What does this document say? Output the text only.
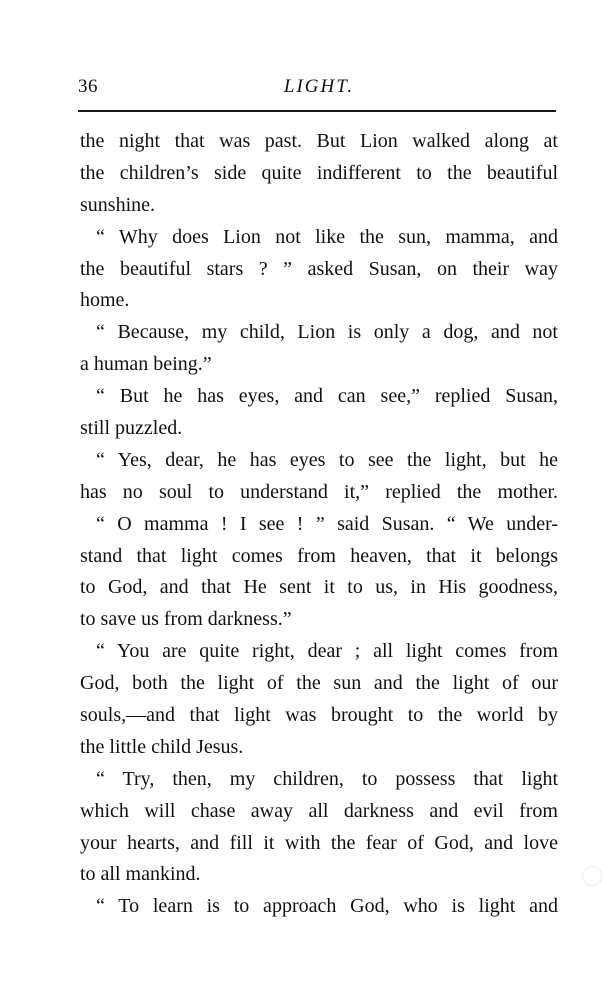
36	LIGHT.
the night that was past. But Lion walked along at
the children’s side quite indifferent to the beautiful
sunshine.
“ Why does Lion not like the sun, mamma, and
the beautiful stars ? ” asked Susan, on their way
home.
“ Because, my child, Lion is only a dog, and not
a human being.”
“ But he has eyes, and can see,” replied Susan,
still puzzled.
“ Yes, dear, he has eyes to see the light, but he
has no soul to understand it,” replied the mother.
“ O mamma ! I see ! ” said Susan. “ We under-
stand that light comes from heaven, that it belongs
to God, and that He sent it to us, in His goodness,
to save us from darkness.”
“ You are quite right, dear ; all light comes from
God, both the light of the sun and the light of our
souls,—and that light was brought to the world by
the little child Jesus.
“ Try, then, my children, to possess that light
which will chase away all darkness and evil from
your hearts, and fill it with the fear of God, and love
to all mankind.
“ To learn is to approach God, who is light and
